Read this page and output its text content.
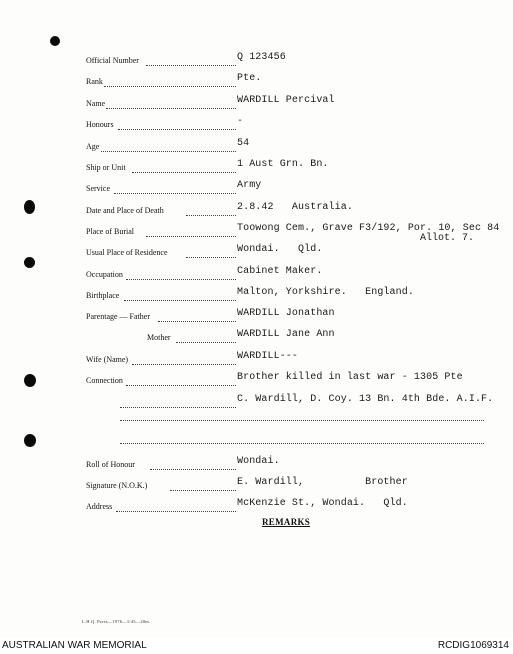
Official Number	Q 123456
Rank	Pte.
Name	WARDILL Percival
Honours	-
Age	54
Ship or Unit	1 Aust Grn. Bn.
Service	Army
Date and Place of Death	2.8.42   Australia.
Place of Burial	Toowong Cem., Grave F3/192, Por. 10, Sec 84
Allot. 7.
Usual Place of Residence	Wondai.   Qld.
Occupation	Cabinet Maker.
Birthplace	Malton, Yorkshire.   England.
Parentage — Father	WARDILL Jonathan
Mother	WARDILL Jane Ann
Wife (Name)	WARDILL---
Connection	Brother killed in last war - 1305 Pte
C. Wardill, D. Coy. 13 Bn. 4th Bde. A.I.F.
Roll of Honour	Wondai.
Signature (N.O.K.)	E. Wardill,          Brother
Address	McKenzie St., Wondai.   Qld.
REMARKS
L.H.Q. Press—1976—1/45—20m.
AUSTRALIAN WAR MEMORIAL	RCDIG1069314
